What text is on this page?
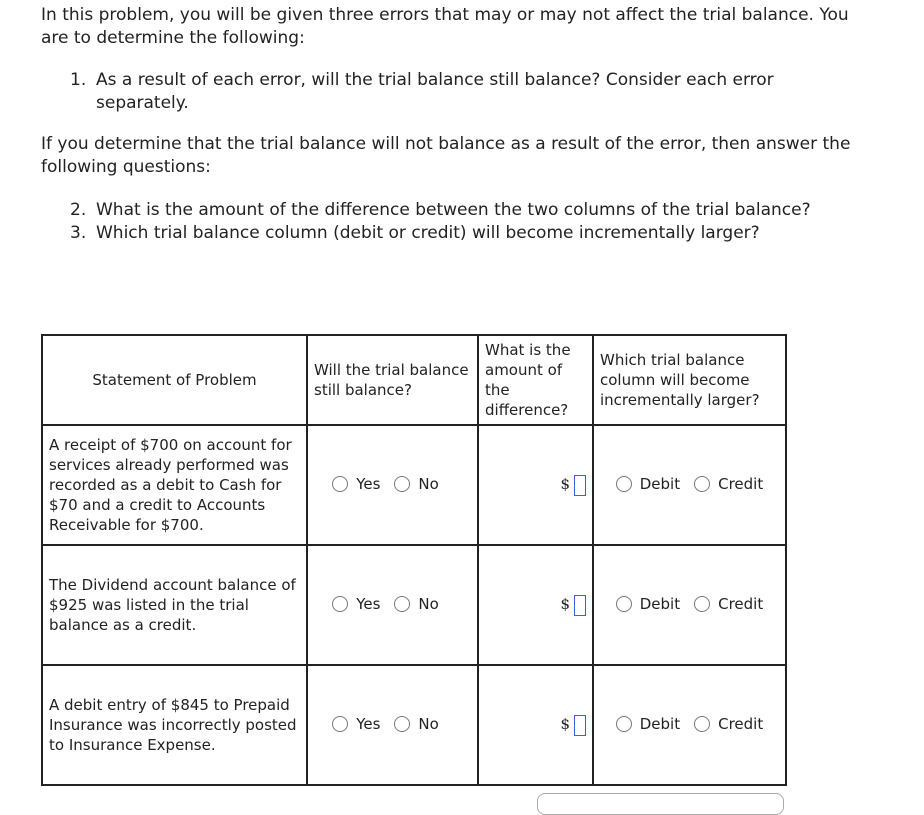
In this problem, you will be given three errors that may or may not affect the trial balance. You are to determine the following:
1. As a result of each error, will the trial balance still balance? Consider each error separately.
If you determine that the trial balance will not balance as a result of the error, then answer the following questions:
2. What is the amount of the difference between the two columns of the trial balance?
3. Which trial balance column (debit or credit) will become incrementally larger?
Statement of Problem	Will the trial balance still balance?	What is the amount of the difference?	Which trial balance column will become incrementally larger?
A receipt of $700 on account for services already performed was recorded as a debit to Cash for $70 and a credit to Accounts Receivable for $700.	Yes No	$	Debit Credit

The Dividend account balance of $925 was listed in the trial balance as a credit.	Yes No	$	Debit Credit

A debit entry of $845 to Prepaid Insurance was incorrectly posted to Insurance Expense.	Yes No	$	Debit Credit
